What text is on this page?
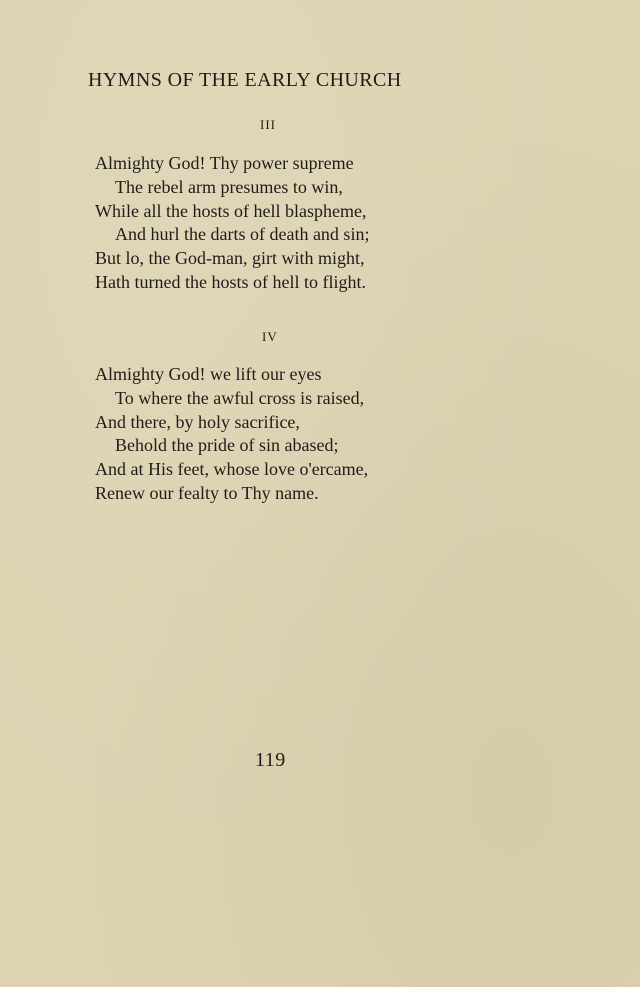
HYMNS OF THE EARLY CHURCH
III
Almighty God! Thy power supreme
The rebel arm presumes to win,
While all the hosts of hell blaspheme,
And hurl the darts of death and sin;
But lo, the God-man, girt with might,
Hath turned the hosts of hell to flight.
IV
Almighty God! we lift our eyes
To where the awful cross is raised,
And there, by holy sacrifice,
Behold the pride of sin abased;
And at His feet, whose love o'ercame,
Renew our fealty to Thy name.
119
